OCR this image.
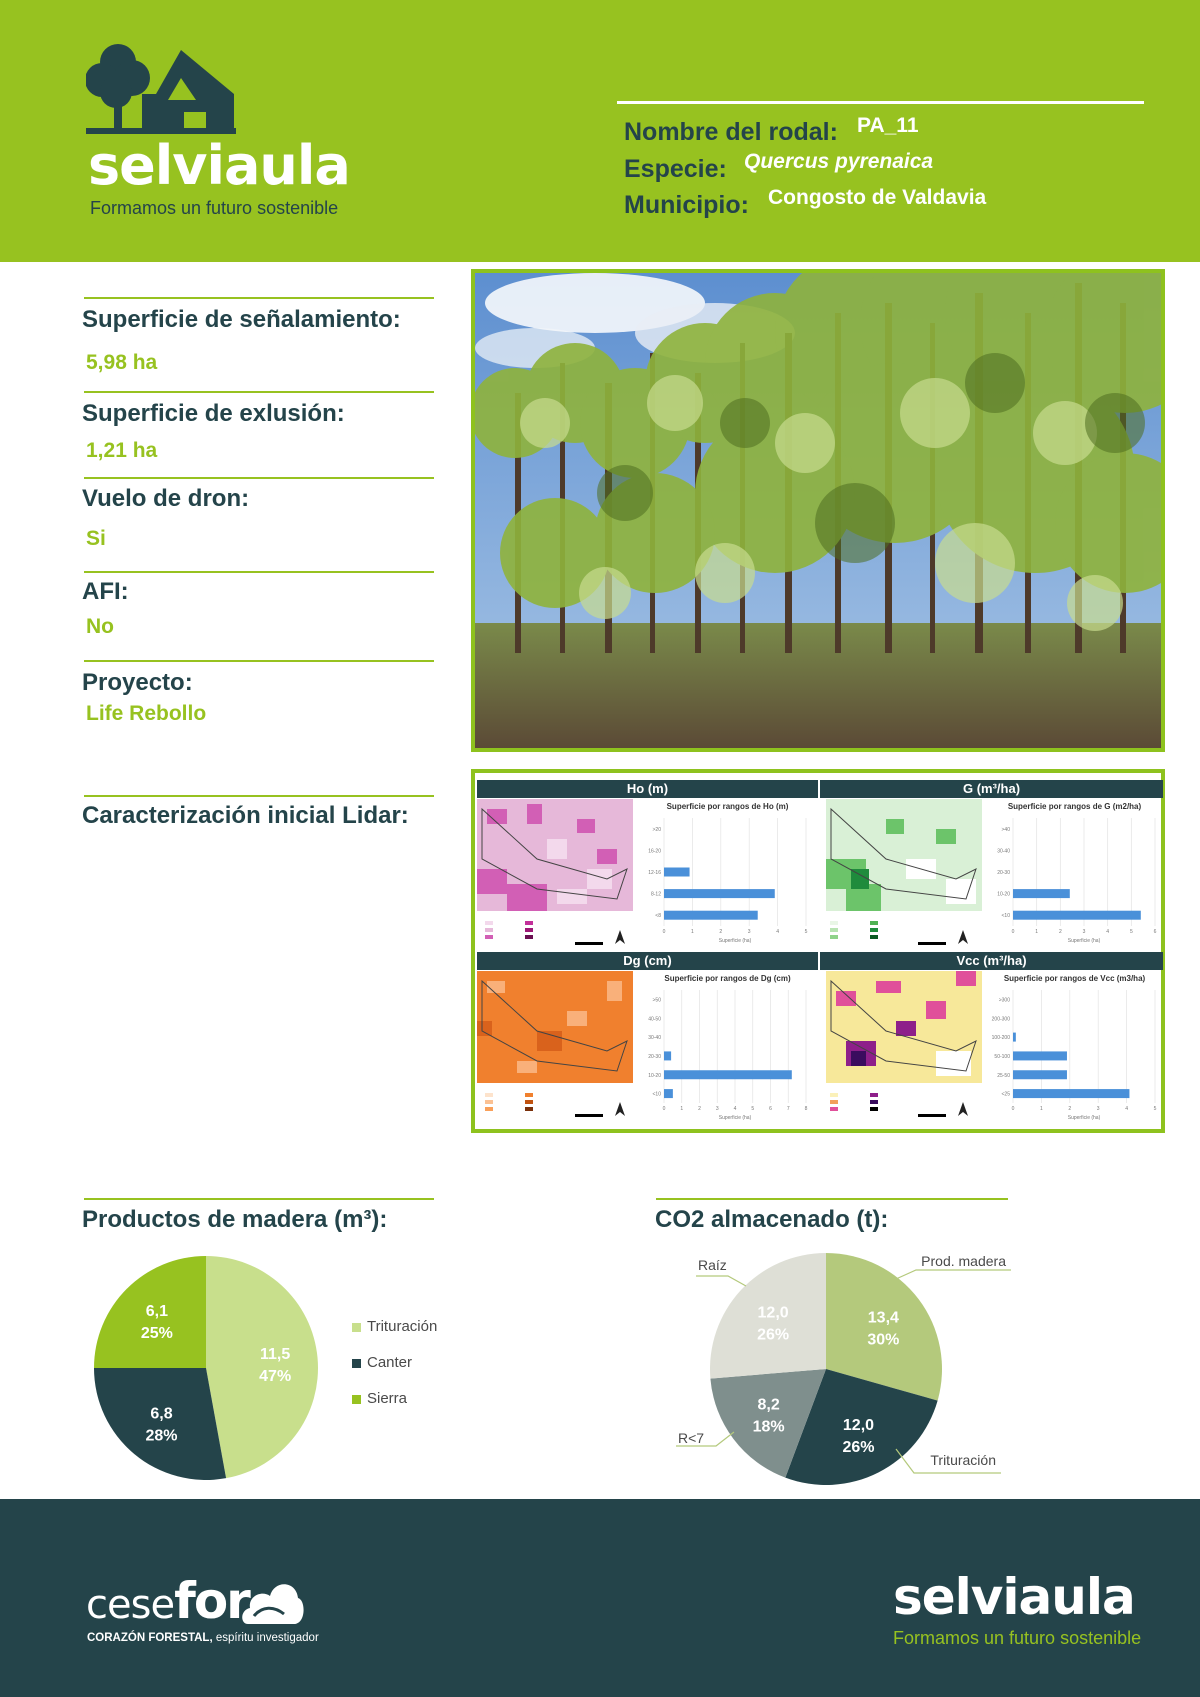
selviaula
Formamos un futuro sostenible
Nombre del rodal: PA_11
Especie: Quercus pyrenaica
Municipio: Congosto de Valdavia
Superficie de señalamiento:
5,98 ha
Superficie de exlusión:
1,21 ha
Vuelo de dron:
Si
AFI:
No
Proyecto:
Life Rebollo
Caracterización inicial Lidar:
Ho (m)
Superficie por rangos de Ho (m)
0	1	2	3	4	5
>20
16-20
12-16
8-12
<8
Superficie (ha)
G (m³/ha)
Superficie por rangos de G (m2/ha)
0	1	2	3	4	5	6
>40
30-40
20-30
10-20
<10
Superficie (ha)
Dg (cm)
Superficie por rangos de Dg (cm)
0	1	2	3	4	5	6	7	8
>50
40-50
30-40
20-30
10-20
<10
Superficie (ha)
Vcc (m³/ha)
Superficie por rangos de Vcc (m3/ha)
0	1	2	3	4	5
>300
200-300
100-200
50-100
25-50
<25
Superficie (ha)
Productos de madera (m³):
11,5
47%
6,8
28%
6,1
25%	Trituración
Canter
Sierra
CO2 almacenado (t):
13,4
30%
Prod. madera
12,0
26%
Trituración
8,2
18%
R<7
12,0
26%
Raíz
cesefor
CORAZÓN FORESTAL, espíritu investigador
selviaula
Formamos un futuro sostenible
